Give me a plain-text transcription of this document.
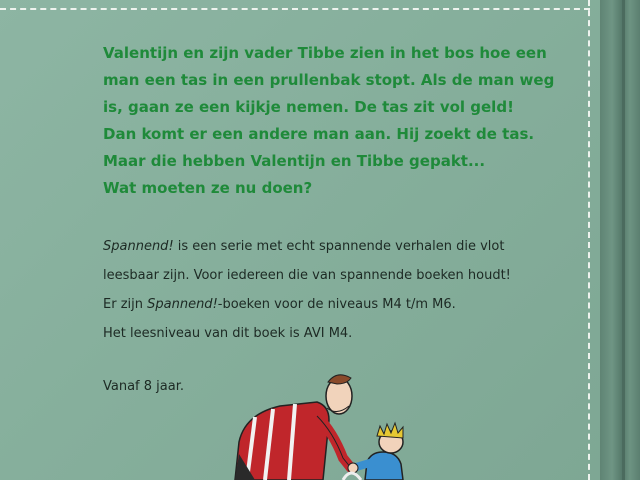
Valentijn en zijn vader Tibbe zien in het bos hoe een
man een tas in een prullenbak stopt. Als de man weg
is, gaan ze een kijkje nemen. De tas zit vol geld!
Dan komt er een andere man aan. Hij zoekt de tas.
Maar die hebben Valentijn en Tibbe gepakt...
Wat moeten ze nu doen?

Spannend! is een serie met echt spannende verhalen die vlot
leesbaar zijn. Voor iedereen die van spannende boeken houdt!
Er zijn Spannend!-boeken voor de niveaus M4 t/m M6.
Het leesniveau van dit boek is AVI M4.

Vanaf 8 jaar.
